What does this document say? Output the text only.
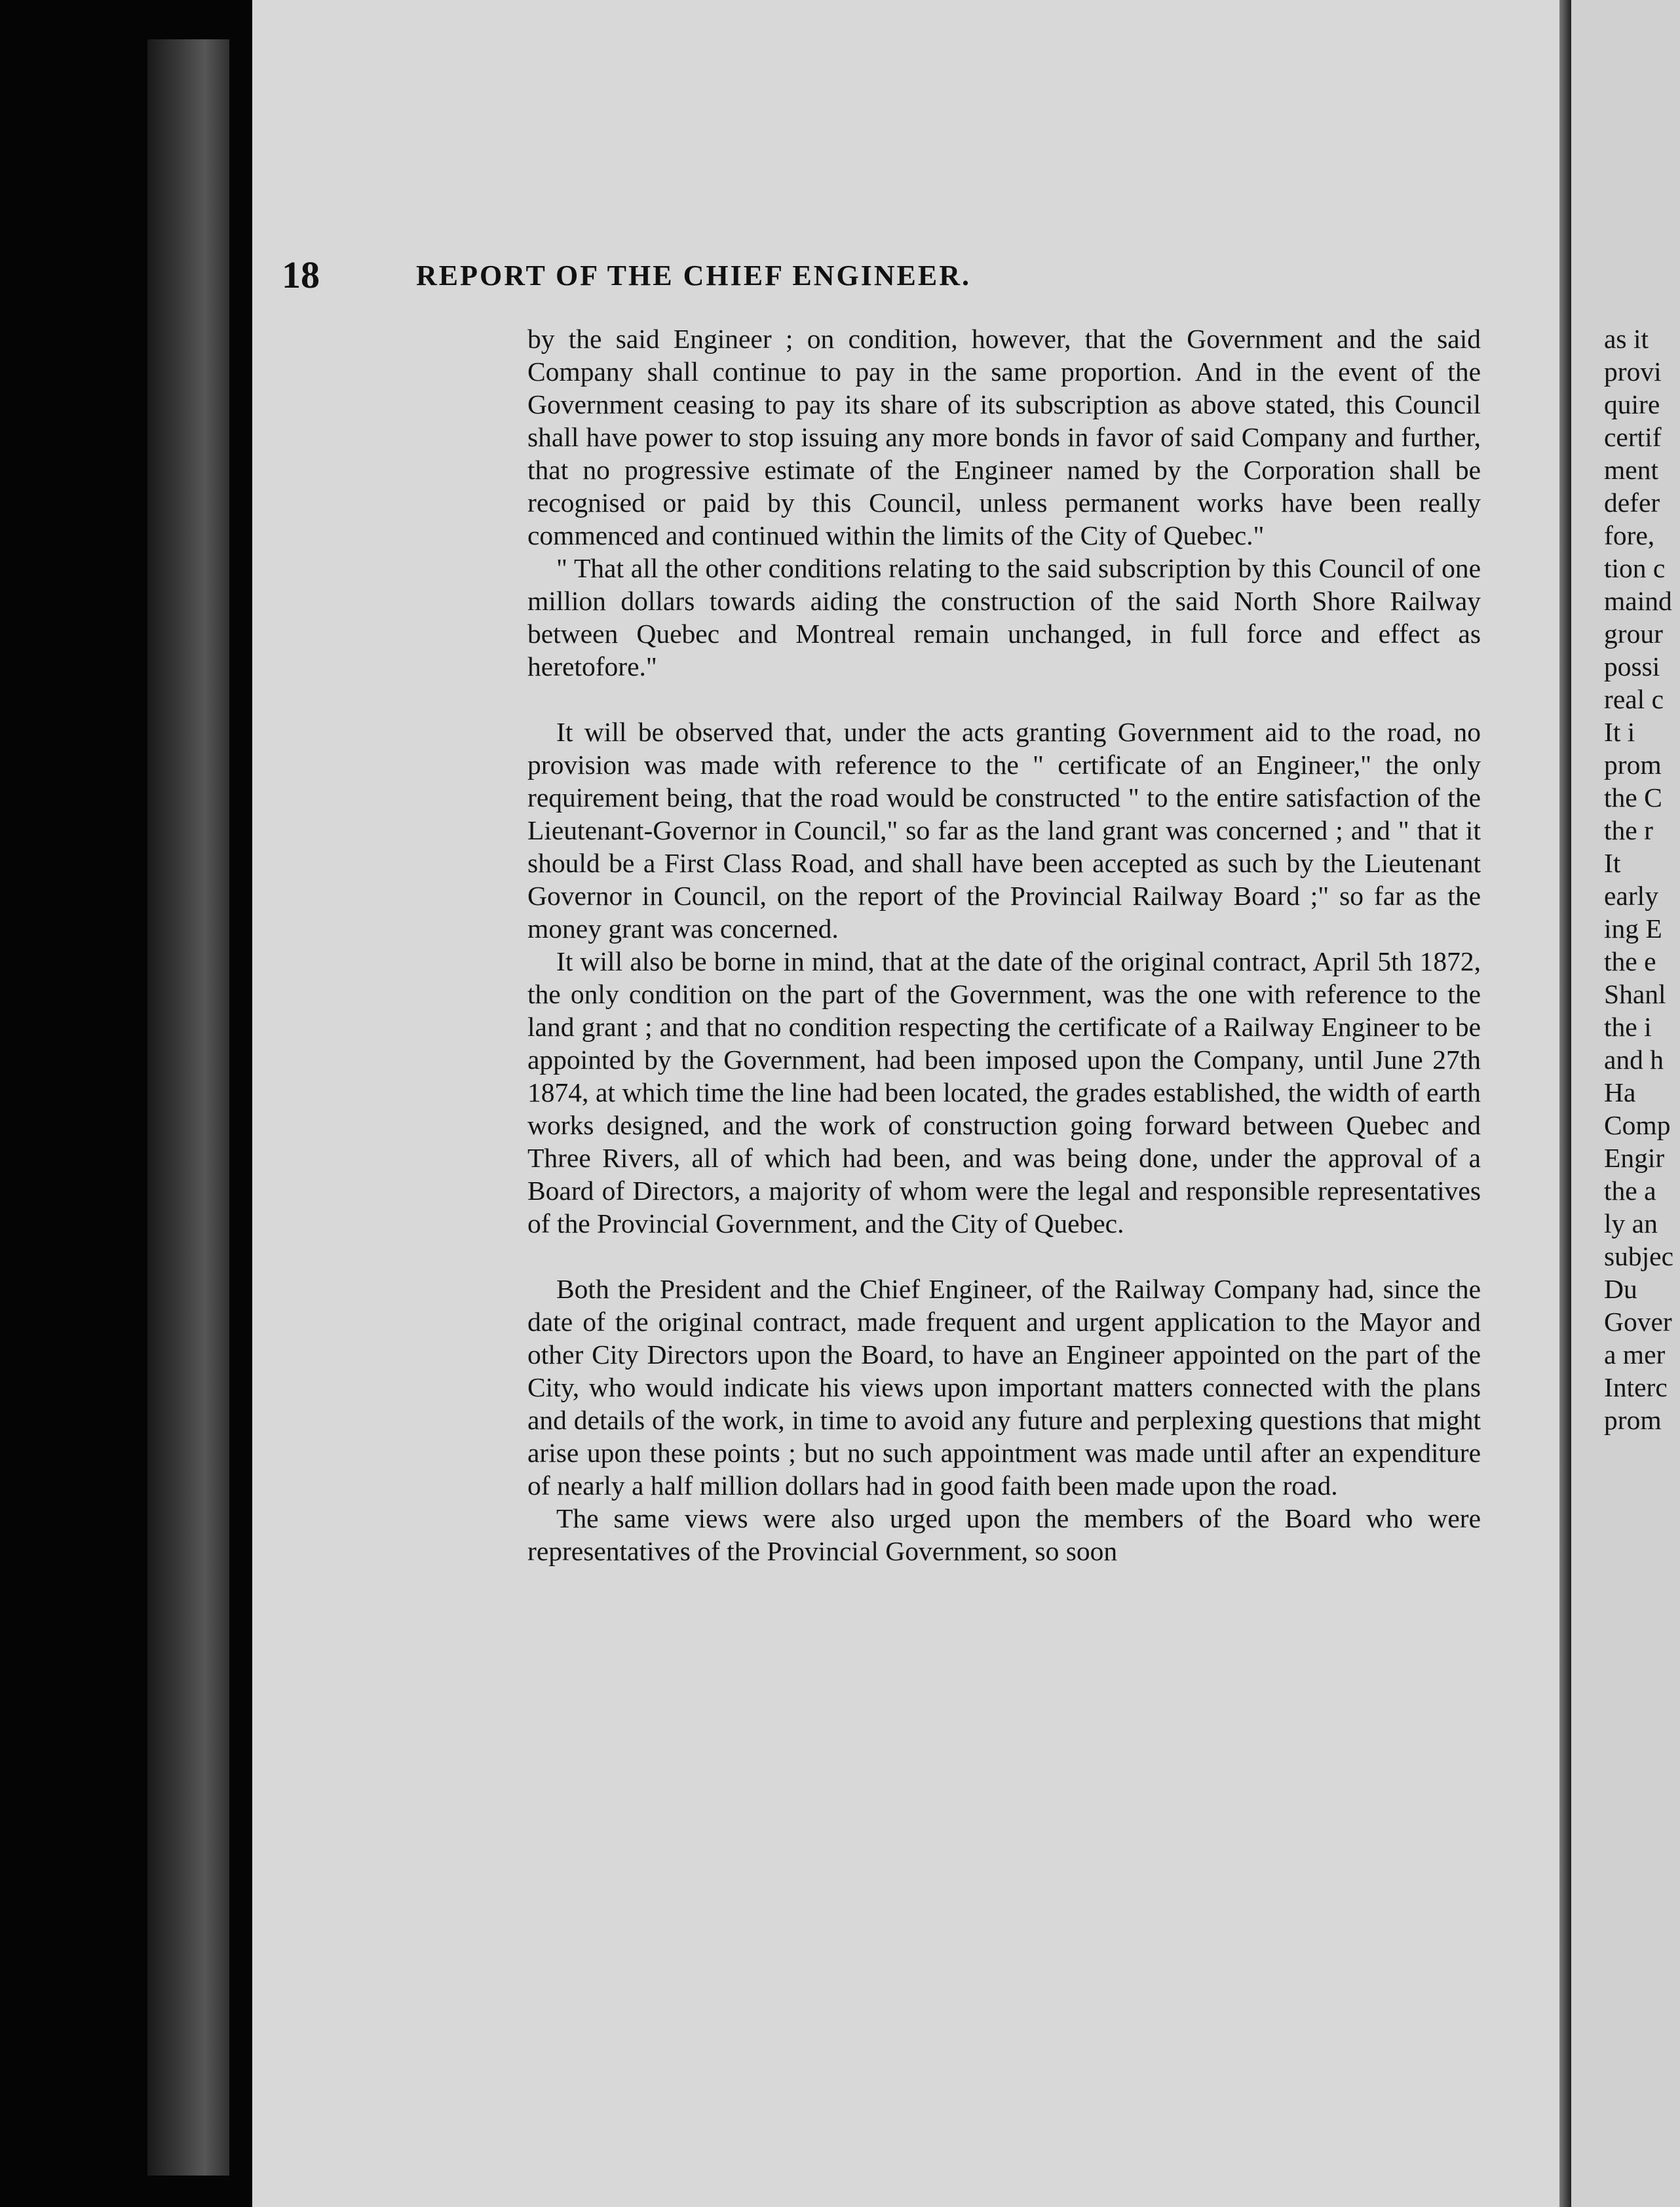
18	REPORT OF THE CHIEF ENGINEER.

by the said Engineer ; on condition, however, that the Government and the said Company shall continue to pay in the same proportion. And in the event of the Government ceasing to pay its share of its subscription as above stated, this Council shall have power to stop issuing any more bonds in favor of said Company and further, that no progressive estimate of the Engineer named by the Corporation shall be recognised or paid by this Council, unless permanent works have been really commenced and continued within the limits of the City of Quebec."

" That all the other conditions relating to the said subscription by this Council of one million dollars towards aiding the construction of the said North Shore Railway between Quebec and Montreal remain unchanged, in full force and effect as heretofore."

It will be observed that, under the acts granting Government aid to the road, no provision was made with reference to the " certificate of an Engineer," the only requirement being, that the road would be constructed " to the entire satisfaction of the Lieutenant-Governor in Council," so far as the land grant was concerned ; and " that it should be a First Class Road, and shall have been accepted as such by the Lieutenant Governor in Council, on the report of the Provincial Railway Board ;" so far as the money grant was concerned.

It will also be borne in mind, that at the date of the original contract, April 5th 1872, the only condition on the part of the Government, was the one with reference to the land grant ; and that no condition respecting the certificate of a Railway Engineer to be appointed by the Government, had been imposed upon the Company, until June 27th 1874, at which time the line had been located, the grades established, the width of earth works designed, and the work of construction going forward between Quebec and Three Rivers, all of which had been, and was being done, under the approval of a Board of Directors, a majority of whom were the legal and responsible representatives of the Provincial Government, and the City of Quebec.

Both the President and the Chief Engineer, of the Railway Company had, since the date of the original contract, made frequent and urgent application to the Mayor and other City Directors upon the Board, to have an Engineer appointed on the part of the City, who would indicate his views upon important matters connected with the plans and details of the work, in time to avoid any future and perplexing questions that might arise upon these points ; but no such appointment was made until after an expenditure of nearly a half million dollars had in good faith been made upon the road.

The same views were also urged upon the members of the Board who were representatives of the Provincial Government, so soon

as it
provi
quire
certif
ment
defer
fore,
tion c
maind
grour
possi
real c
It i
prom
the C
the r
It
early
ing E
the e
Shanl
the i
and h
Ha
Comp
Engir
the a
ly an
subjec
Du
Gover
a mer
Interc
prom
